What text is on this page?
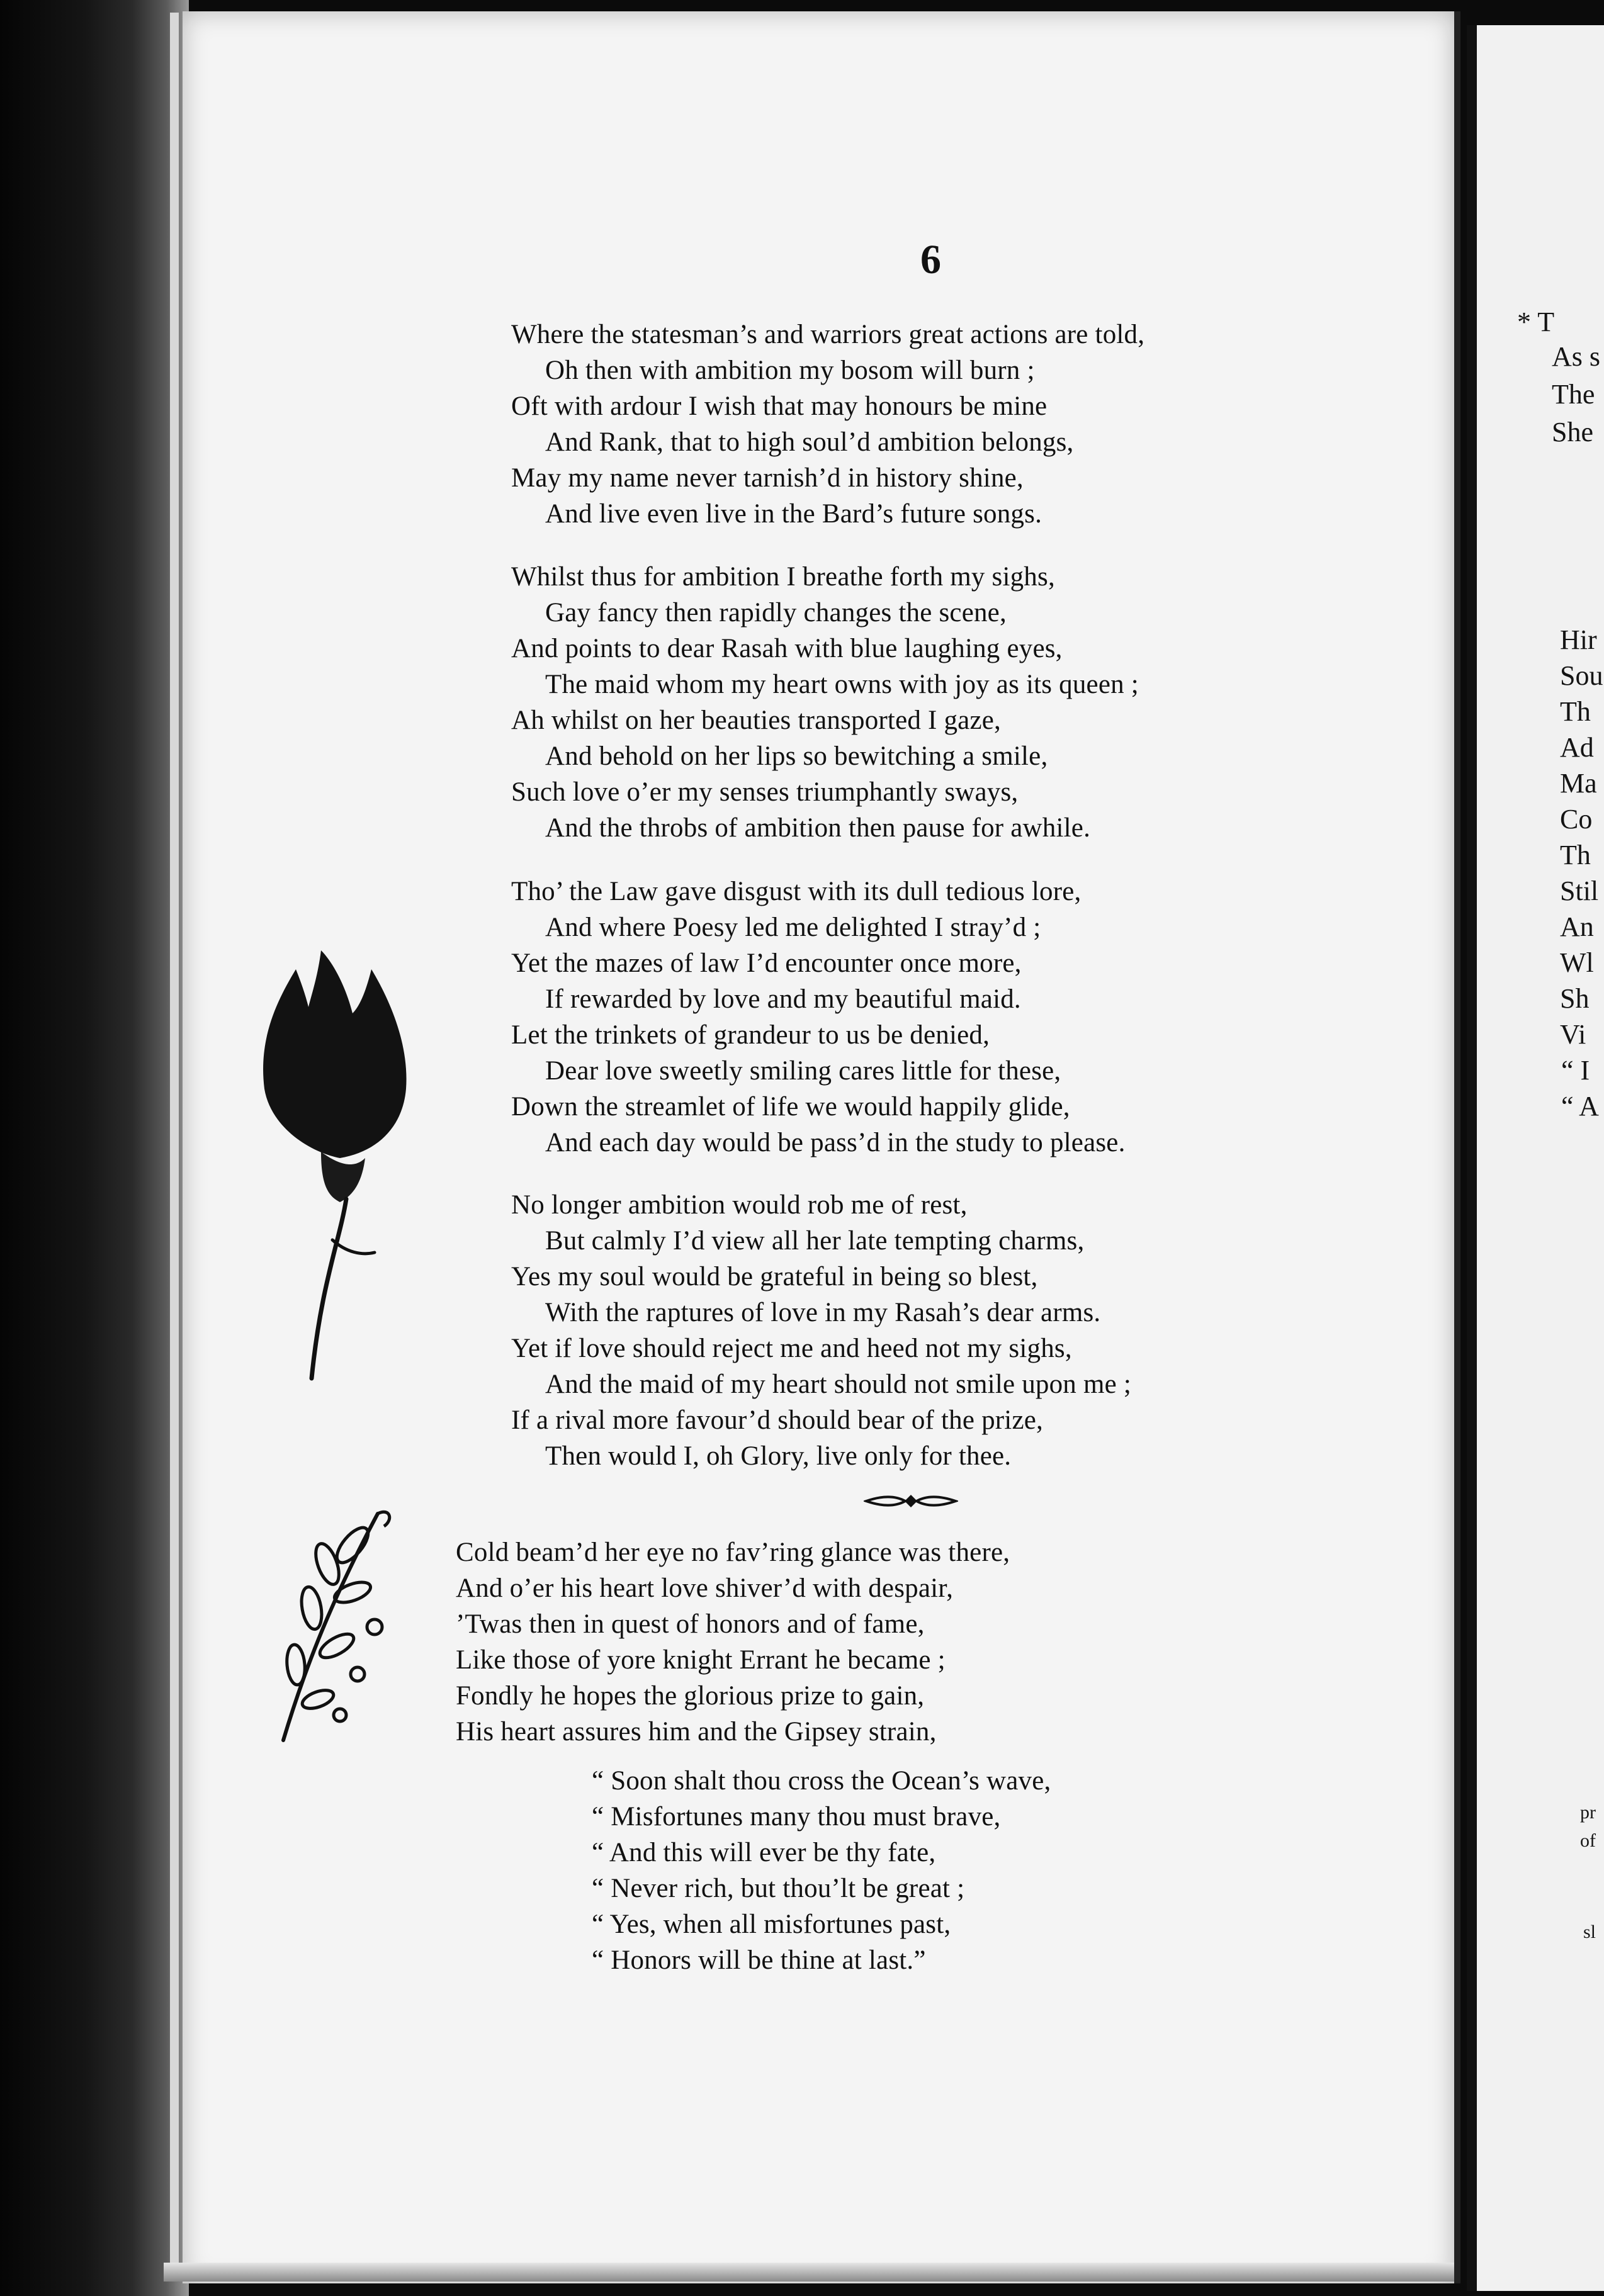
6
Where the statesman’s and warriors great actions are told,
Oh then with ambition my bosom will burn ;
Oft with ardour I wish that may honours be mine
And Rank, that to high soul’d ambition belongs,
May my name never tarnish’d in history shine,
And live even live in the Bard’s future songs.
Whilst thus for ambition I breathe forth my sighs,
Gay fancy then rapidly changes the scene,
And points to dear Rasah with blue laughing eyes,
The maid whom my heart owns with joy as its queen ;
Ah whilst on her beauties transported I gaze,
And behold on her lips so bewitching a smile,
Such love o’er my senses triumphantly sways,
And the throbs of ambition then pause for awhile.
Tho’ the Law gave disgust with its dull tedious lore,
And where Poesy led me delighted I stray’d ;
Yet the mazes of law I’d encounter once more,
If rewarded by love and my beautiful maid.
Let the trinkets of grandeur to us be denied,
Dear love sweetly smiling cares little for these,
Down the streamlet of life we would happily glide,
And each day would be pass’d in the study to please.
No longer ambition would rob me of rest,
But calmly I’d view all her late tempting charms,
Yes my soul would be grateful in being so blest,
With the raptures of love in my Rasah’s dear arms.
Yet if love should reject me and heed not my sighs,
And the maid of my heart should not smile upon me ;
If a rival more favour’d should bear of the prize,
Then would I, oh Glory, live only for thee.
Cold beam’d her eye no fav’ring glance was there,
And o’er his heart love shiver’d with despair,
’Twas then in quest of honors and of fame,
Like those of yore knight Errant he became ;
Fondly he hopes the glorious prize to gain,
His heart assures him and the Gipsey strain,
“ Soon shalt thou cross the Ocean’s wave,
“ Misfortunes many thou must brave,
“ And this will ever be thy fate,
“ Never rich, but thou’lt be great ;
“ Yes, when all misfortunes past,
“ Honors will be thine at last.”
* T
As s
The
She
Hir
Sou
Th
Ad
Ma
Co
Th
Stil
An
Wl
Sh
Vi
“ I
“ A
pr
of
sl
